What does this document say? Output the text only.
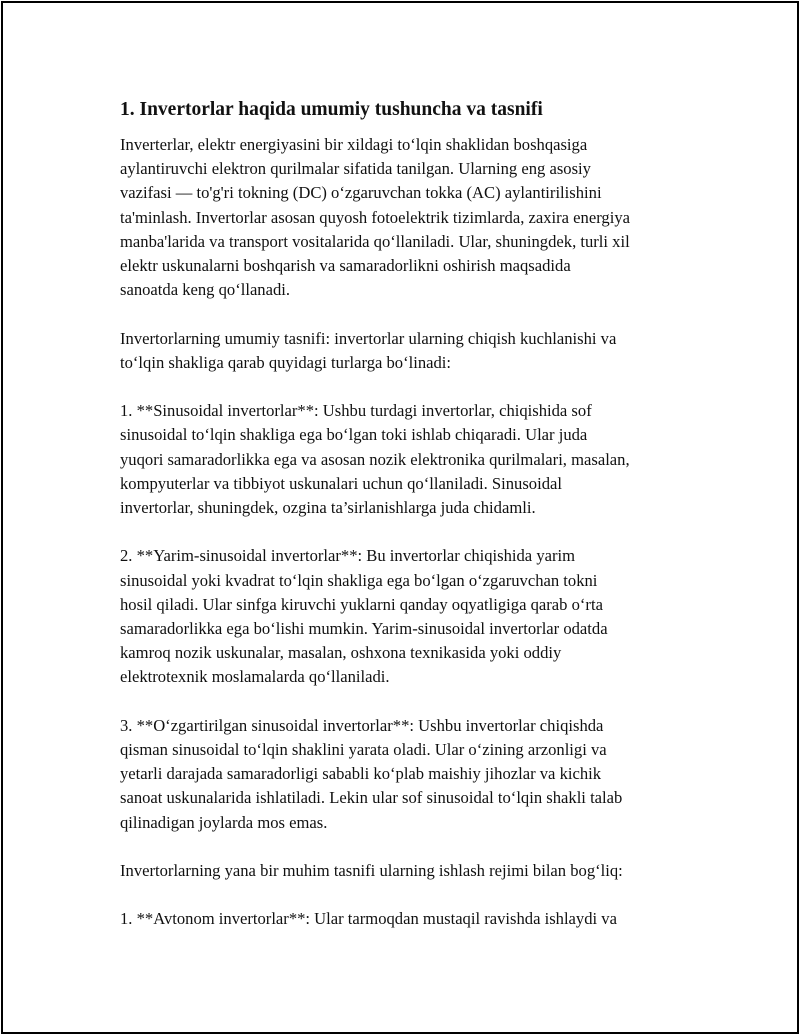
1. Invertorlar haqida umumiy tushuncha va tasnifi
Inverterlar, elektr energiyasini bir xildagi to‘lqin shaklidan boshqasiga
aylantiruvchi elektron qurilmalar sifatida tanilgan. Ularning eng asosiy
vazifasi — to'g'ri tokning (DC) o‘zgaruvchan tokka (AC) aylantirilishini
ta'minlash. Invertorlar asosan quyosh fotoelektrik tizimlarda, zaxira energiya
manba'larida va transport vositalarida qo‘llaniladi. Ular, shuningdek, turli xil
elektr uskunalarni boshqarish va samaradorlikni oshirish maqsadida
sanoatda keng qo‘llanadi.
Invertorlarning umumiy tasnifi: invertorlar ularning chiqish kuchlanishi va
to‘lqin shakliga qarab quyidagi turlarga bo‘linadi:
1. **Sinusoidal invertorlar**: Ushbu turdagi invertorlar, chiqishida sof
sinusoidal to‘lqin shakliga ega bo‘lgan toki ishlab chiqaradi. Ular juda
yuqori samaradorlikka ega va asosan nozik elektronika qurilmalari, masalan,
kompyuterlar va tibbiyot uskunalari uchun qo‘llaniladi. Sinusoidal
invertorlar, shuningdek, ozgina ta’sirlanishlarga juda chidamli.
2. **Yarim-sinusoidal invertorlar**: Bu invertorlar chiqishida yarim
sinusoidal yoki kvadrat to‘lqin shakliga ega bo‘lgan o‘zgaruvchan tokni
hosil qiladi. Ular sinfga kiruvchi yuklarni qanday oqyatligiga qarab o‘rta
samaradorlikka ega bo‘lishi mumkin. Yarim-sinusoidal invertorlar odatda
kamroq nozik uskunalar, masalan, oshxona texnikasida yoki oddiy
elektrotexnik moslamalarda qo‘llaniladi.
3. **O‘zgartirilgan sinusoidal invertorlar**: Ushbu invertorlar chiqishda
qisman sinusoidal to‘lqin shaklini yarata oladi. Ular o‘zining arzonligi va
yetarli darajada samaradorligi sababli ko‘plab maishiy jihozlar va kichik
sanoat uskunalarida ishlatiladi. Lekin ular sof sinusoidal to‘lqin shakli talab
qilinadigan joylarda mos emas.
Invertorlarning yana bir muhim tasnifi ularning ishlash rejimi bilan bog‘liq:
1. **Avtonom invertorlar**: Ular tarmoqdan mustaqil ravishda ishlaydi va
